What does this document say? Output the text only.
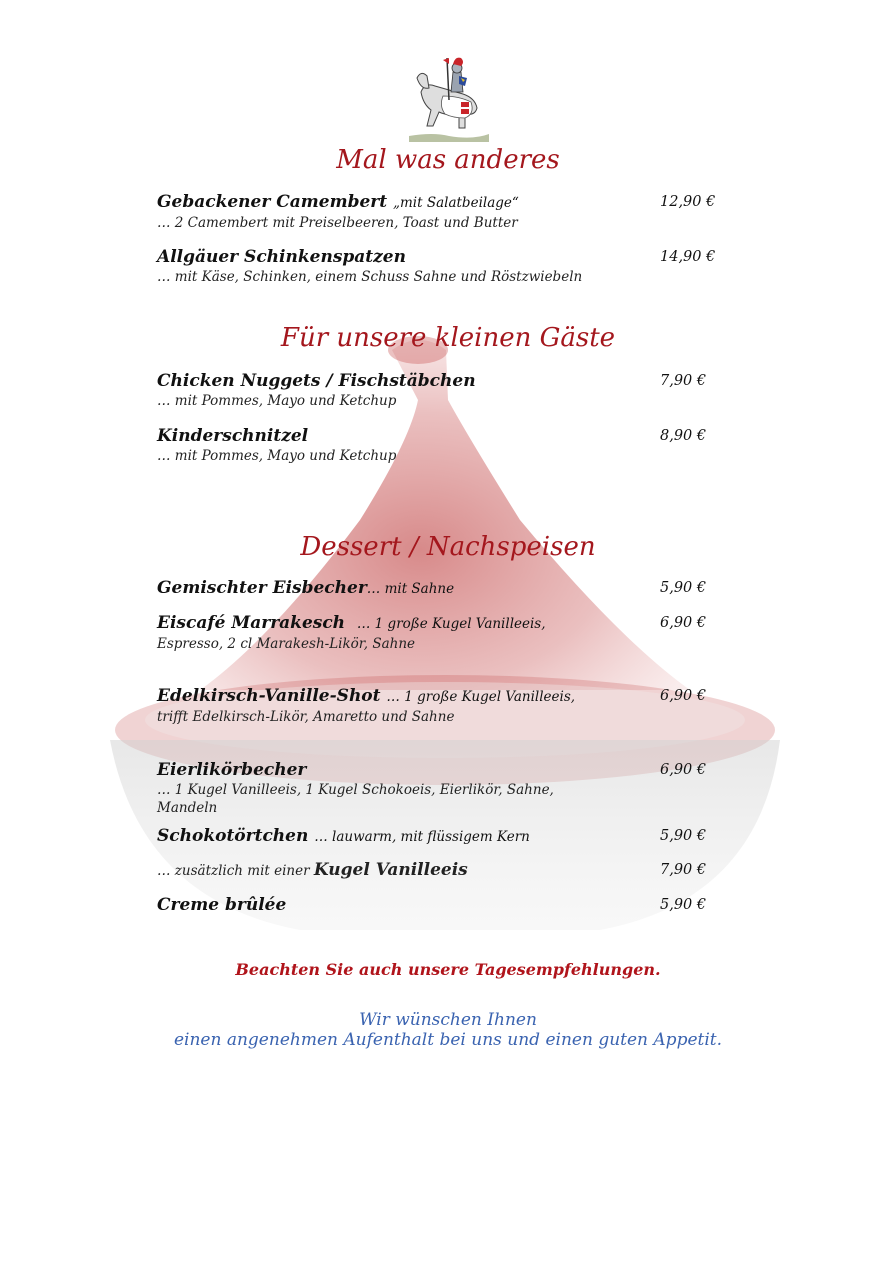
Mal was anderes
Gebackener Camembert „mit Salatbeilage“
… 2 Camembert mit Preiselbeeren, Toast und Butter
12,90 €
Allgäuer Schinkenspatzen
… mit Käse, Schinken, einem Schuss Sahne und Röstzwiebeln
14,90 €
Für unsere kleinen Gäste
Chicken Nuggets / Fischstäbchen
… mit Pommes, Mayo und Ketchup
7,90 €
Kinderschnitzel
… mit Pommes, Mayo und Ketchup
8,90 €
Dessert / Nachspeisen
Gemischter Eisbecher… mit Sahne	5,90 €
Eiscafé Marrakesch … 1 große Kugel Vanilleeis,
Espresso, 2 cl Marakesh-Likör, Sahne
6,90 €
Edelkirsch-Vanille-Shot … 1 große Kugel Vanilleeis,
trifft Edelkirsch-Likör, Amaretto und Sahne
6,90 €
Eierlikörbecher
… 1 Kugel Vanilleeis, 1 Kugel Schokoeis, Eierlikör, Sahne,
Mandeln
6,90 €
Schokotörtchen … lauwarm, mit flüssigem Kern	5,90 €
… zusätzlich mit einer Kugel Vanilleeis	7,90 €
Creme brûlée	5,90 €
Beachten Sie auch unsere Tagesempfehlungen.
Wir wünschen Ihnen
einen angenehmen Aufenthalt bei uns und einen guten Appetit.
